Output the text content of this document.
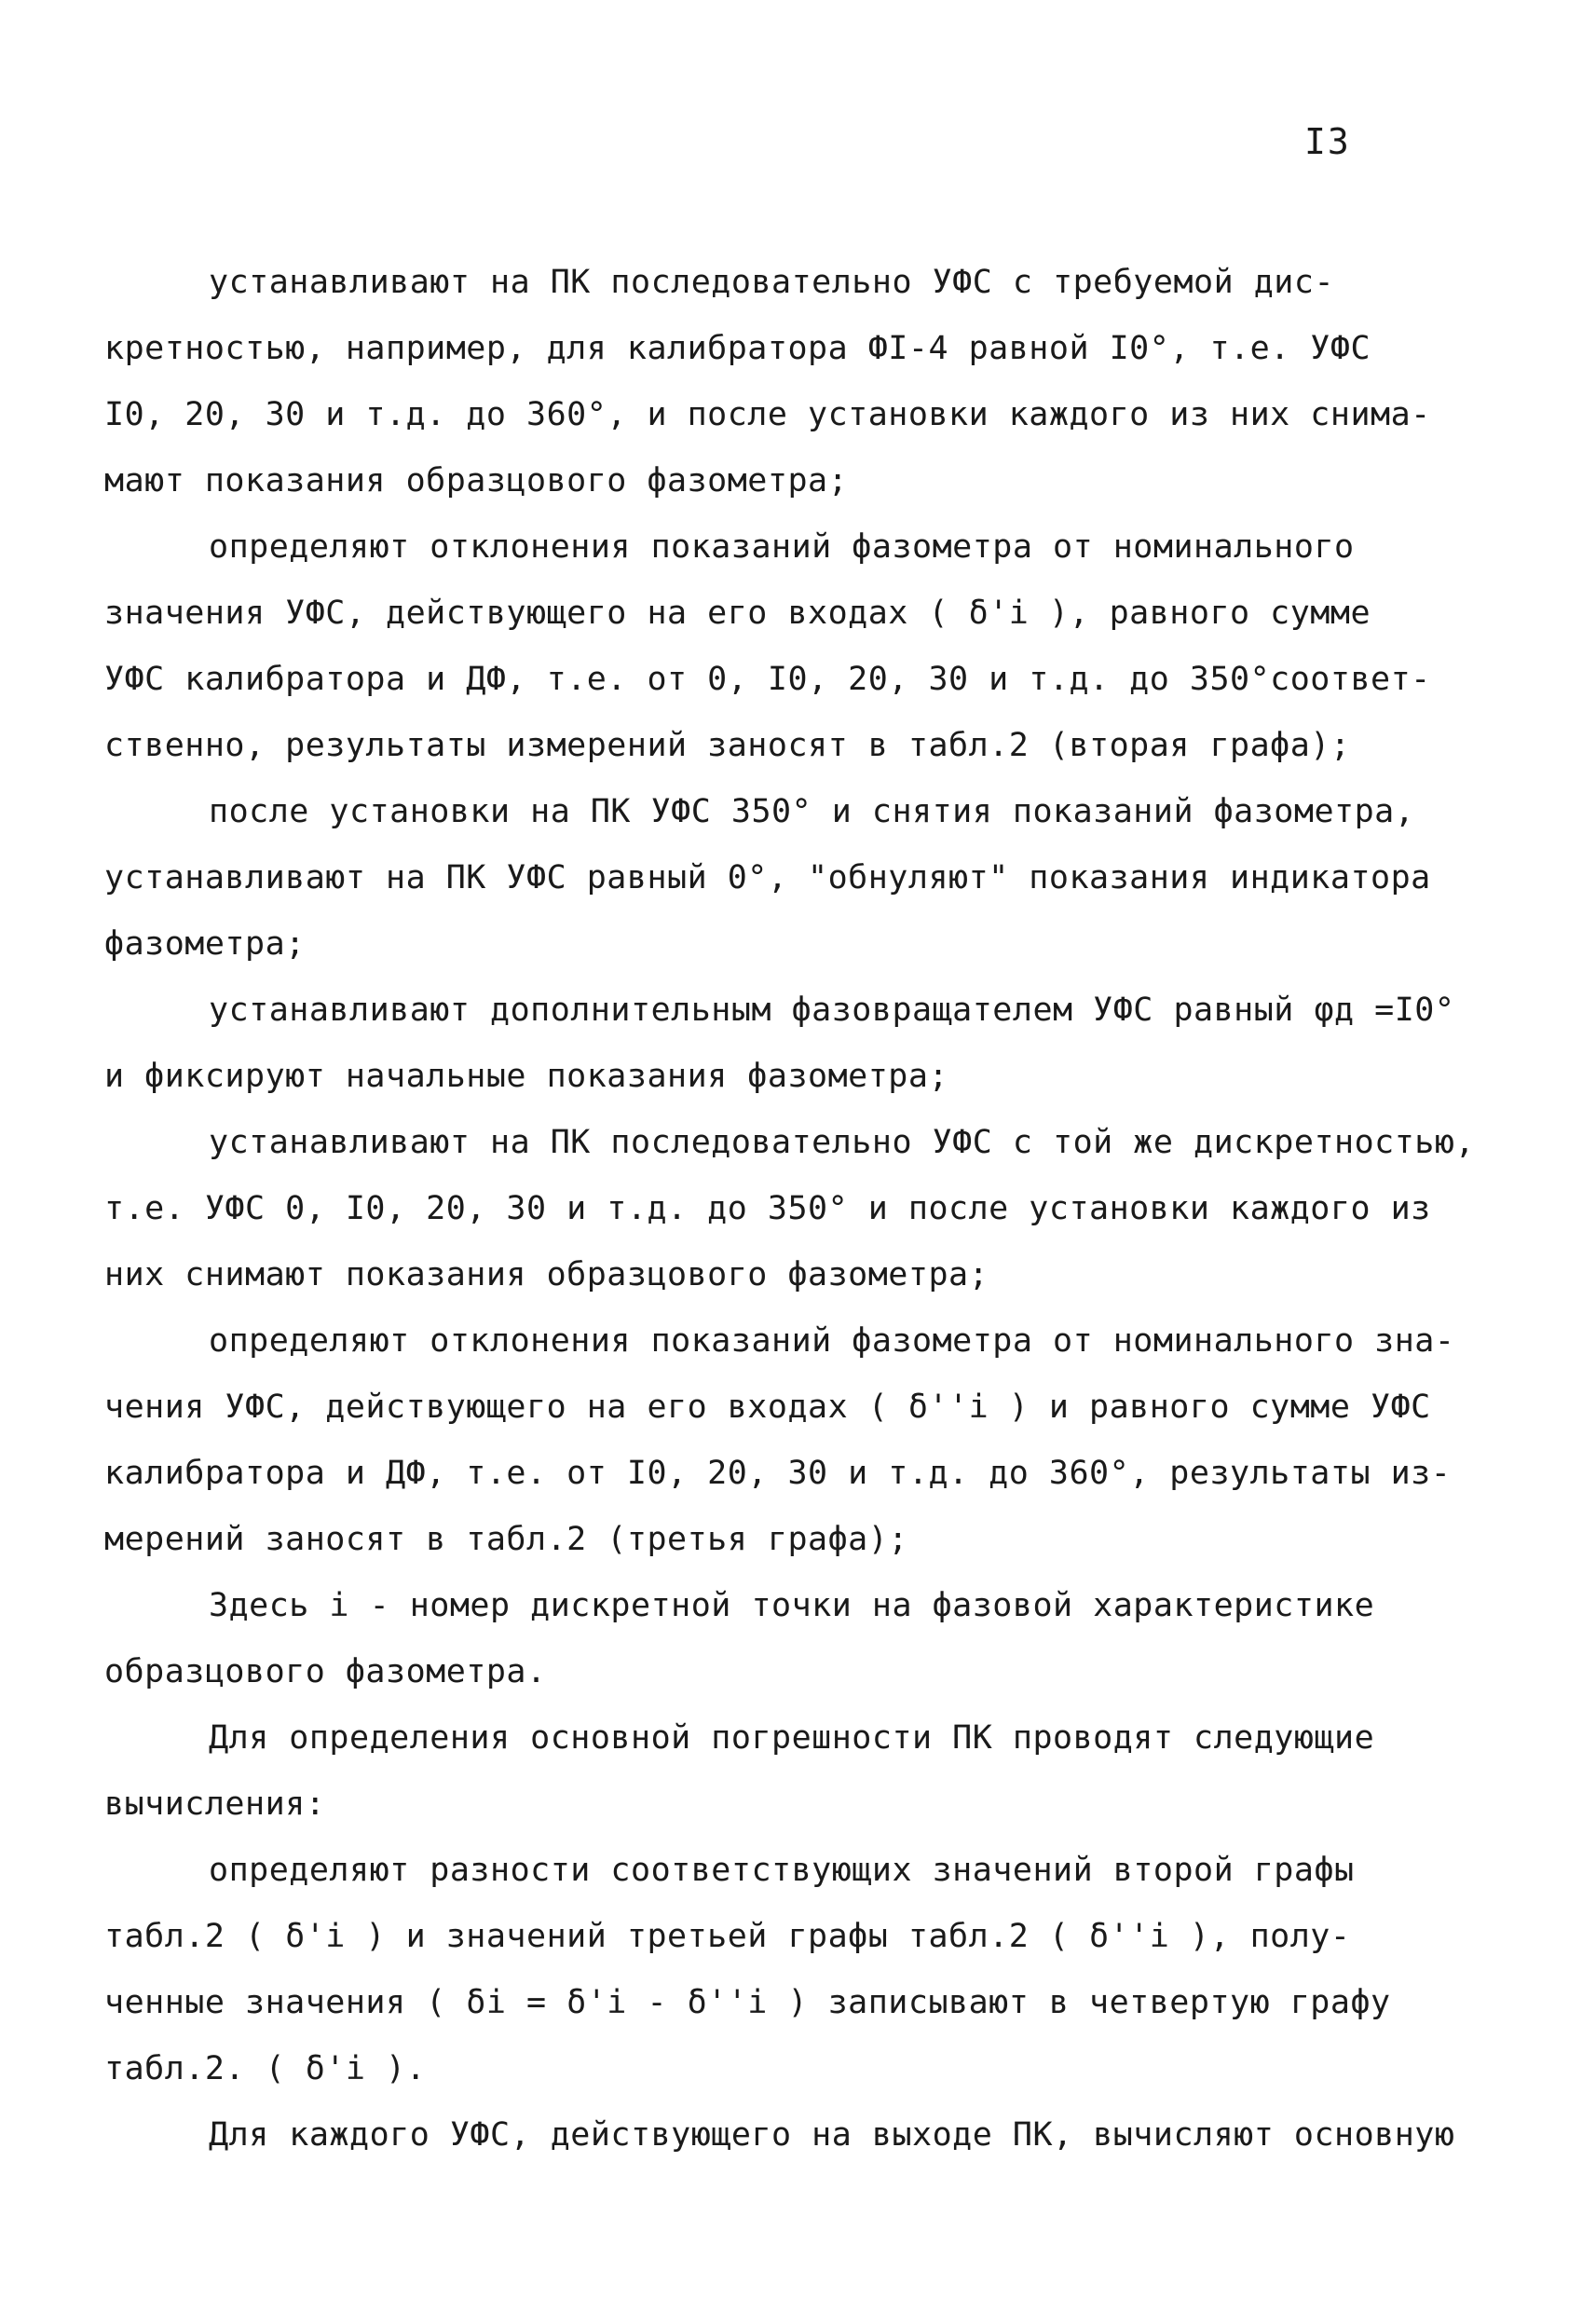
I3
устанавливают на ПК последовательно УФС с требуемой дис-
кретностью, например, для калибратора ФI-4 равной I0°, т.е. УФС
I0, 20, 30 и т.д. до 360°, и после установки каждого из них снима-
мают показания образцового фазометра;
определяют отклонения показаний фазометра от номинального
значения УФС, действующего на его входах ( δ'i ), равного сумме
УФС калибратора и ДФ, т.е. от 0, I0, 20, 30 и т.д. до 350°соответ-
ственно, результаты измерений заносят в табл.2 (вторая графа);
после установки на ПК УФС 350° и снятия показаний фазометра,
устанавливают на ПК УФС равный 0°, "обнуляют" показания индикатора
фазометра;
устанавливают дополнительным фазовращателем УФС равный φд =I0°
и фиксируют начальные показания фазометра;
устанавливают на ПК последовательно УФС с той же дискретностью,
т.е. УФС 0, I0, 20, 30 и т.д. до 350° и после установки каждого из
них снимают показания образцового фазометра;
определяют отклонения показаний фазометра от номинального зна-
чения УФС, действующего на его входах ( δ''i ) и равного сумме УФС
калибратора и ДФ, т.е. от I0, 20, 30 и т.д. до 360°, результаты из-
мерений заносят в табл.2 (третья графа);
Здесь i - номер дискретной точки на фазовой характеристике
образцового фазометра.
Для определения основной погрешности ПК проводят следующие
вычисления:
определяют разности соответствующих значений второй графы
табл.2 ( δ'i ) и значений третьей графы табл.2 ( δ''i ), полу-
ченные значения ( δi = δ'i - δ''i ) записывают в четвертую графу
табл.2. ( δ'i ).
Для каждого УФС, действующего на выходе ПК, вычисляют основную
